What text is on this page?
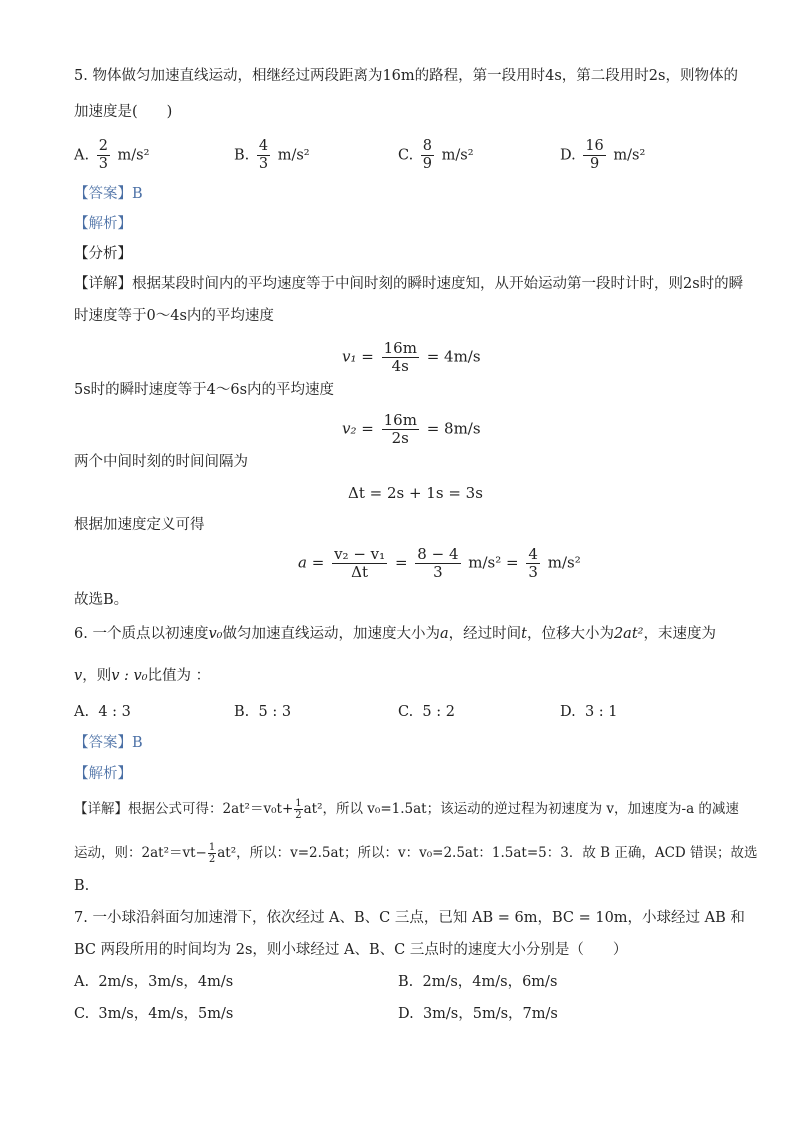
5. 物体做匀加速直线运动，相继经过两段距离为16m的路程，第一段用时4s，第二段用时2s，则物体的
加速度是(　　)
A. $\frac{2}{3} m/s^2$	B. $\frac{4}{3} m/s^2$	C. $\frac{8}{9} m/s^2$	D. $\frac{16}{9} m/s^2$
【答案】B
【解析】
【分析】
【详解】根据某段时间内的平均速度等于中间时刻的瞬时速度知，从开始运动第一段时计时，则2s时的瞬
时速度等于0～4s内的平均速度
$v_1 = \frac{16m}{4s} = 4m/s$
5s时的瞬时速度等于4～6s内的平均速度
$v_2 = \frac{16m}{2s} = 8m/s$
两个中间时刻的时间间隔为
Δt = 2s + 1s = 3s
根据加速度定义可得
$a = \frac{\text{v₂ − v₁}}{\Delta t} = \frac{8 - 4}{3} m/s^2 = \frac{4}{3} m/s^2$
故选B。
6. 一个质点以初速度v₀做匀加速直线运动，加速度大小为a，经过时间t，位移大小为2at²，末速度为
v，则v : v₀比值为 ：
A. 4 : 3	B. 5 : 3	C. 5 : 2	D. 3 : 1
【答案】B
【解析】
【详解】根据公式可得：$2at^2=v_0t+ \frac{1}{2} at^2$，所以 v₀=1.5at；该运动的逆过程为初速度为 v，加速度为-a 的减速
运动，则：$2at^2=vt- \frac{1}{2} at^2$，所以：v=2.5at；所以：v：v₀=2.5at：1.5at=5：3．故 B 正确，ACD 错误；故选
B.
7. 一小球沿斜面匀加速滑下，依次经过 A、B、C 三点，已知 AB = 6m，BC = 10m，小球经过 AB 和
BC 两段所用的时间均为 2s，则小球经过 A、B、C 三点时的速度大小分别是（　　）
A. 2m/s，3m/s，4m/s	B. 2m/s，4m/s，6m/s
C. 3m/s，4m/s，5m/s	D. 3m/s，5m/s，7m/s
